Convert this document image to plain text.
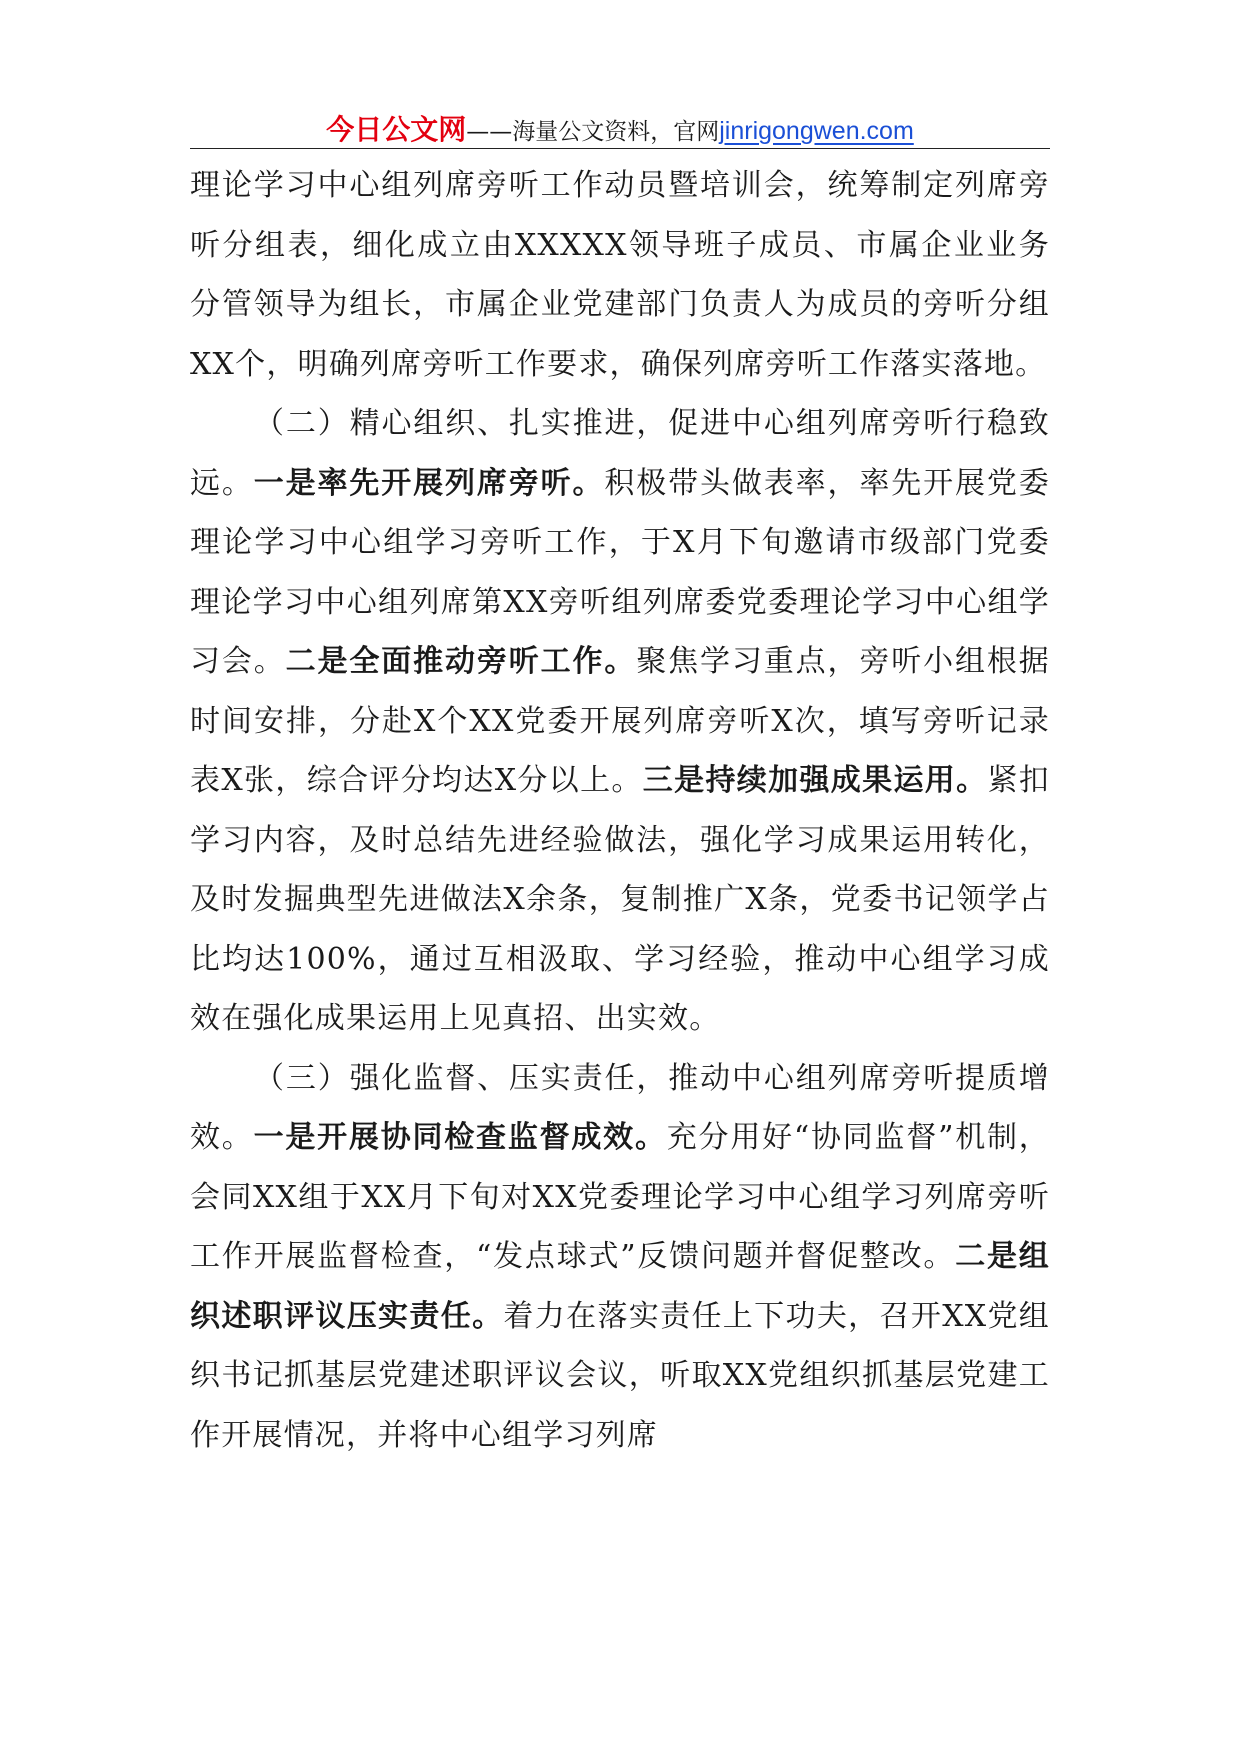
今日公文网 ——海量公文资料，官网 jinrigongwen.com

理论学习中心组列席旁听工作动员暨培训会，统筹制定列席旁听分组表，细化成立由XXXXX领导班子成员、市属企业业务分管领导为组长，市属企业党建部门负责人为成员的旁听分组XX个，明确列席旁听工作要求，确保列席旁听工作落实落地。

（二）精心组织、扎实推进，促进中心组列席旁听行稳致远。一是率先开展列席旁听。积极带头做表率，率先开展党委理论学习中心组学习旁听工作，于X月下旬邀请市级部门党委理论学习中心组列席第XX旁听组列席委党委理论学习中心组学习会。二是全面推动旁听工作。聚焦学习重点，旁听小组根据时间安排，分赴X个XX党委开展列席旁听X次，填写旁听记录表X张，综合评分均达X分以上。三是持续加强成果运用。紧扣学习内容，及时总结先进经验做法，强化学习成果运用转化，及时发掘典型先进做法X余条，复制推广X条，党委书记领学占比均达100%，通过互相汲取、学习经验，推动中心组学习成效在强化成果运用上见真招、出实效。

（三）强化监督、压实责任，推动中心组列席旁听提质增效。一是开展协同检查监督成效。充分用好“协同监督”机制，会同XX组于XX月下旬对XX党委理论学习中心组学习列席旁听工作开展监督检查，“发点球式”反馈问题并督促整改。二是组织述职评议压实责任。着力在落实责任上下功夫，召开XX党组织书记抓基层党建述职评议会议，听取XX党组织抓基层党建工作开展情况，并将中心组学习列席
